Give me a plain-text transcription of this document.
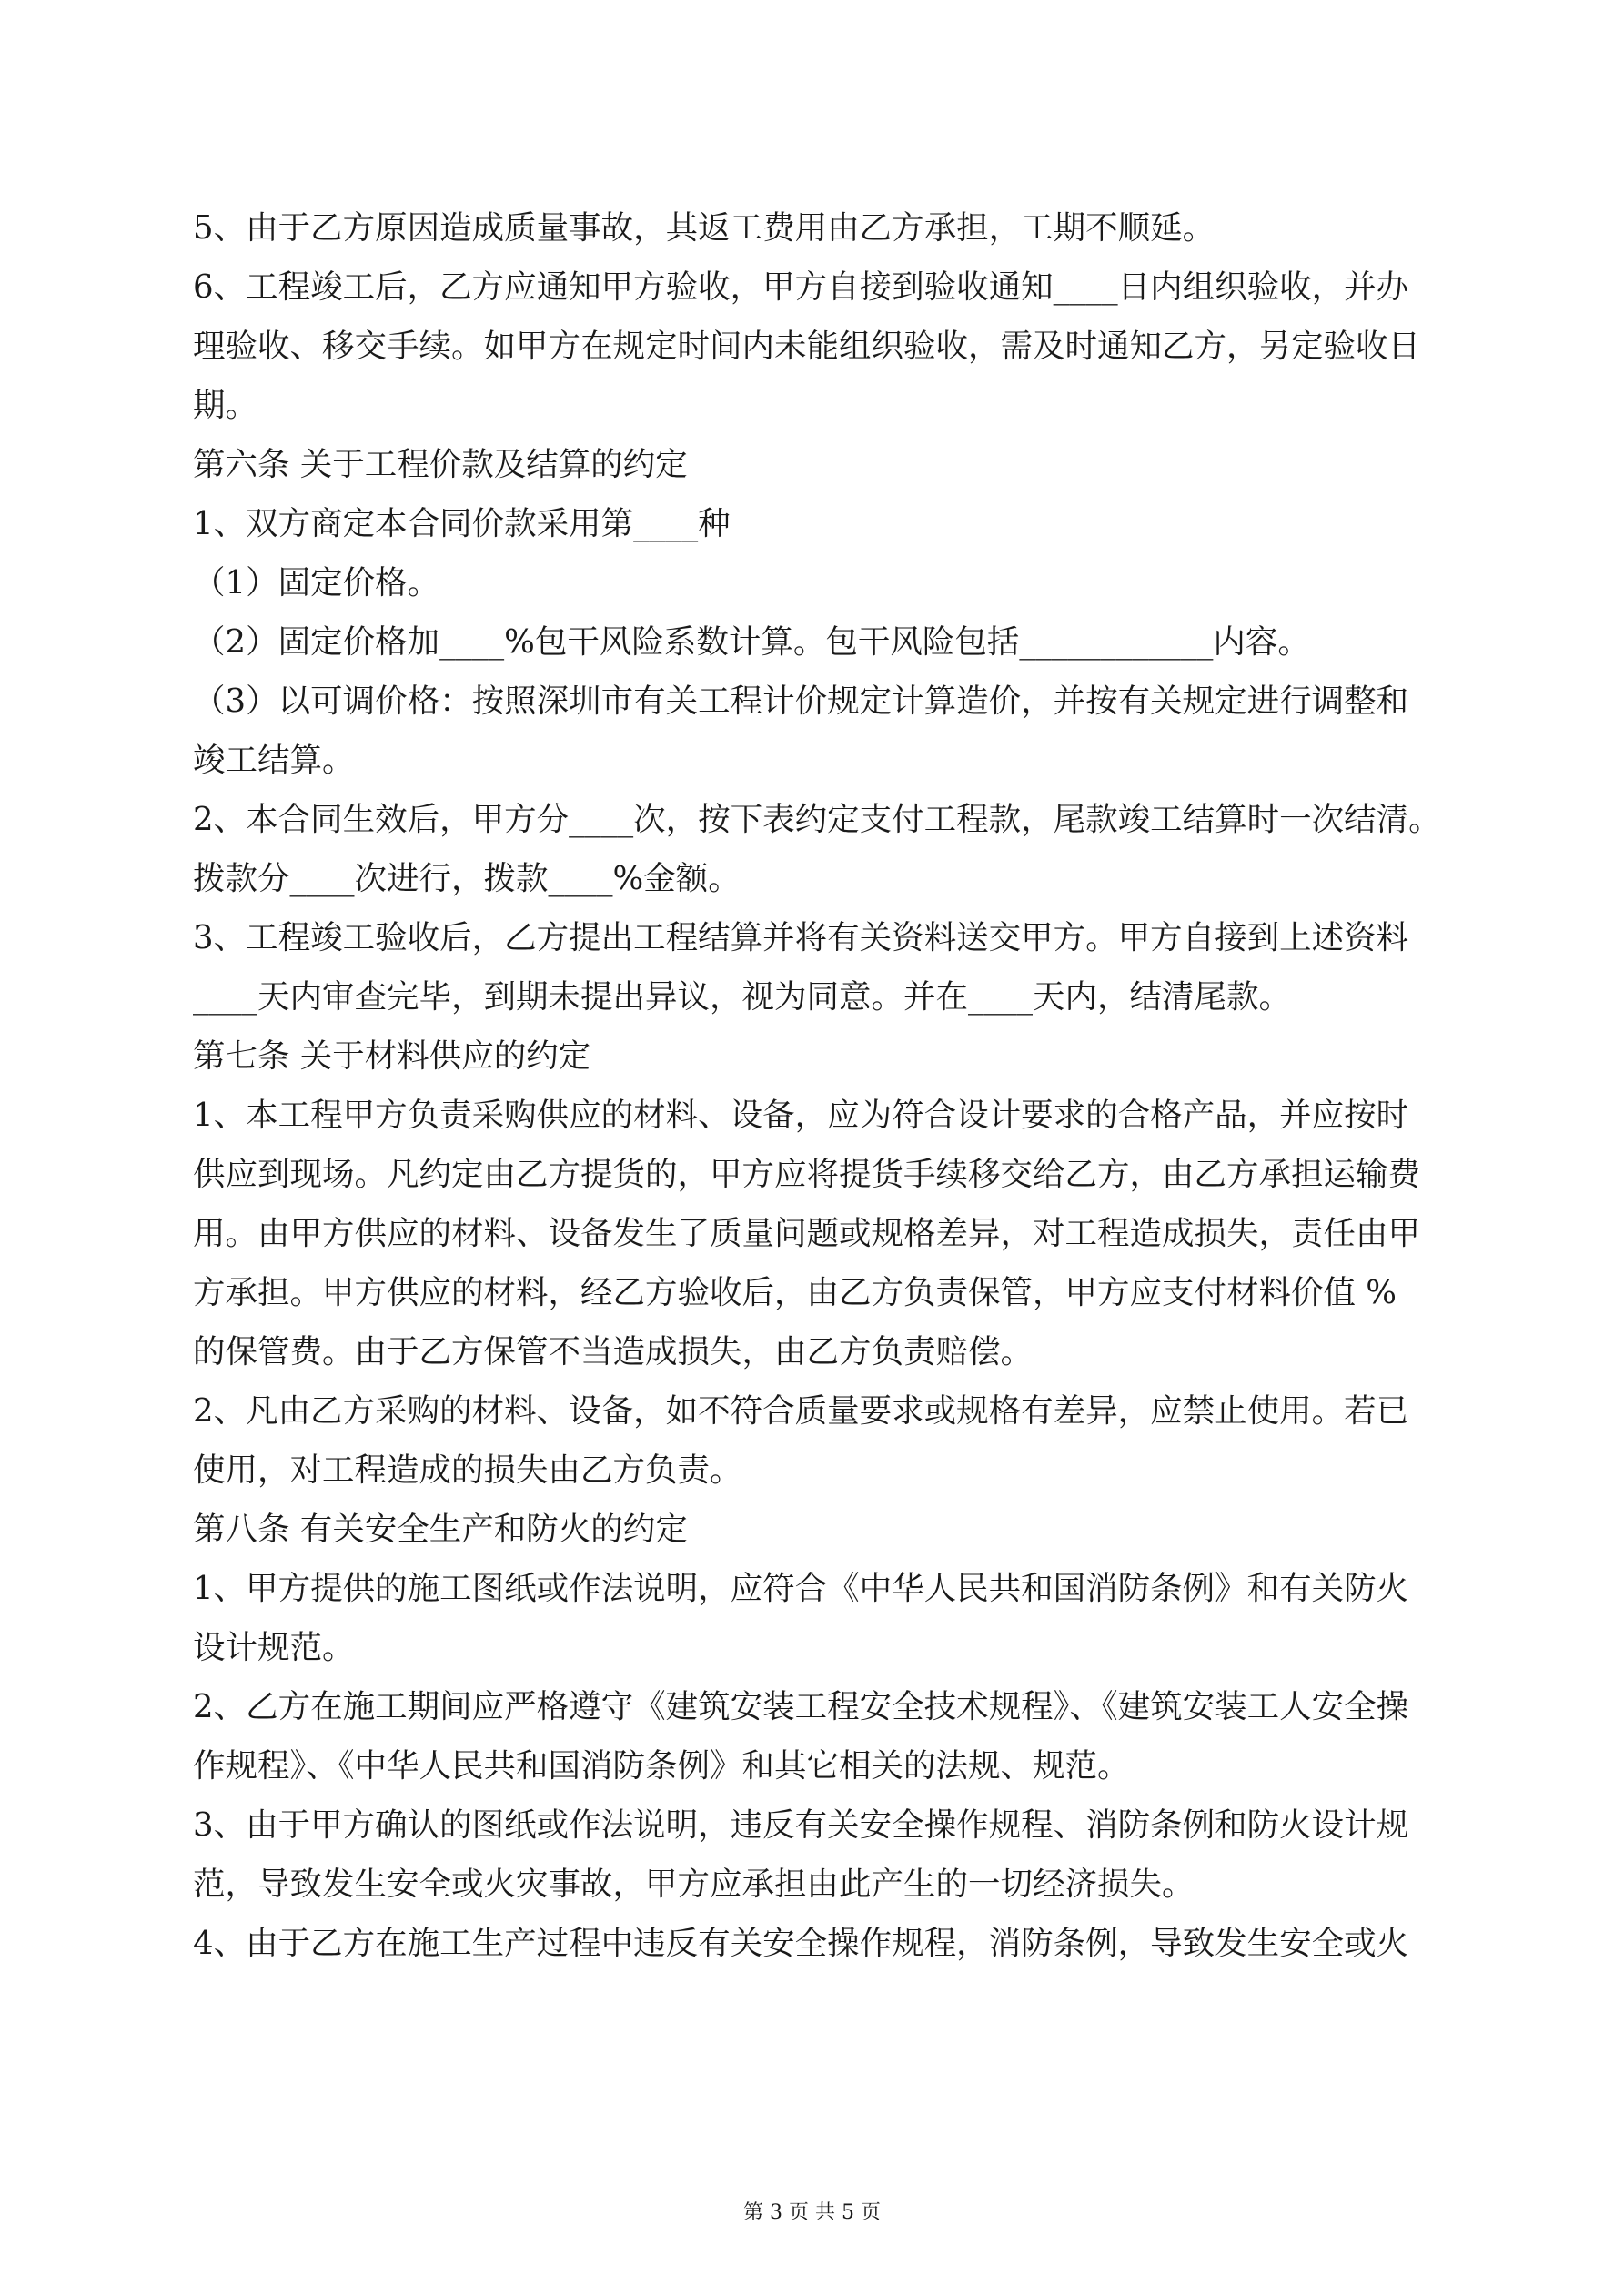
5、由于乙方原因造成质量事故，其返工费用由乙方承担，工期不顺延。
6、工程竣工后，乙方应通知甲方验收，甲方自接到验收通知____日内组织验收，并办
理验收、移交手续。如甲方在规定时间内未能组织验收，需及时通知乙方，另定验收日
期。
第六条 关于工程价款及结算的约定
1、双方商定本合同价款采用第____种
（1）固定价格。
（2）固定价格加____%包干风险系数计算。包干风险包括____________内容。
（3）以可调价格：按照深圳市有关工程计价规定计算造价，并按有关规定进行调整和
竣工结算。
2、本合同生效后，甲方分____次，按下表约定支付工程款，尾款竣工结算时一次结清。
拨款分____次进行，拨款____%金额。
3、工程竣工验收后，乙方提出工程结算并将有关资料送交甲方。甲方自接到上述资料
____天内审查完毕，到期未提出异议，视为同意。并在____天内，结清尾款。
第七条 关于材料供应的约定
1、本工程甲方负责采购供应的材料、设备，应为符合设计要求的合格产品，并应按时
供应到现场。凡约定由乙方提货的，甲方应将提货手续移交给乙方，由乙方承担运输费
用。由甲方供应的材料、设备发生了质量问题或规格差异，对工程造成损失，责任由甲
方承担。甲方供应的材料，经乙方验收后，由乙方负责保管，甲方应支付材料价值 %
的保管费。由于乙方保管不当造成损失，由乙方负责赔偿。
2、凡由乙方采购的材料、设备，如不符合质量要求或规格有差异，应禁止使用。若已
使用，对工程造成的损失由乙方负责。
第八条 有关安全生产和防火的约定
1、甲方提供的施工图纸或作法说明，应符合《中华人民共和国消防条例》和有关防火
设计规范。
2、乙方在施工期间应严格遵守《建筑安装工程安全技术规程》、《建筑安装工人安全操
作规程》、《中华人民共和国消防条例》和其它相关的法规、规范。
3、由于甲方确认的图纸或作法说明，违反有关安全操作规程、消防条例和防火设计规
范，导致发生安全或火灾事故，甲方应承担由此产生的一切经济损失。
4、由于乙方在施工生产过程中违反有关安全操作规程，消防条例，导致发生安全或火
第 3 页 共 5 页
